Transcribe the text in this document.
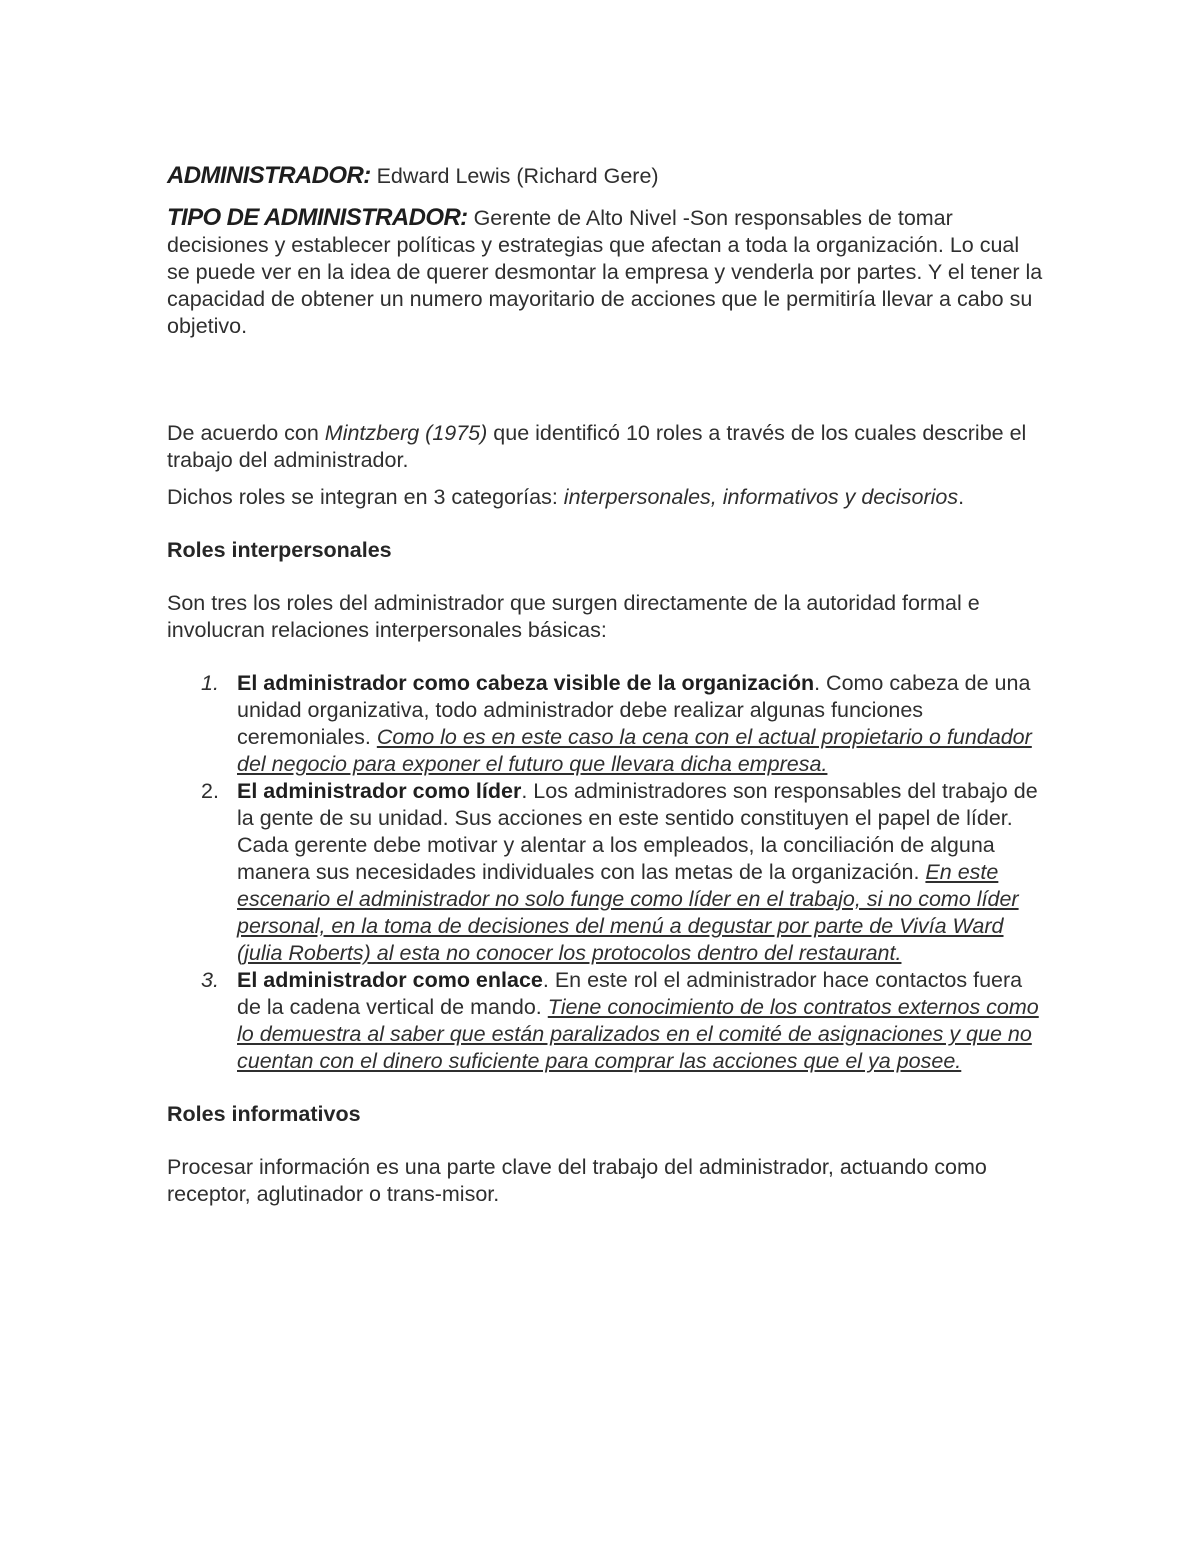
ADMINISTRADOR: Edward Lewis (Richard Gere)

TIPO DE ADMINISTRADOR: Gerente de Alto Nivel -Son responsables de tomar decisiones y establecer políticas y estrategias que afectan a toda la organización. Lo cual se puede ver en la idea de querer desmontar la empresa y venderla por partes. Y el tener la capacidad de obtener un numero mayoritario de acciones que le permitiría llevar a cabo su objetivo.

De acuerdo con Mintzberg (1975) que identificó 10 roles a través de los cuales describe el trabajo del administrador.

Dichos roles se integran en 3 categorías: interpersonales, informativos y decisorios.

Roles interpersonales

Son tres los roles del administrador que surgen directamente de la autoridad formal e involucran relaciones interpersonales básicas:

1. El administrador como cabeza visible de la organización. Como cabeza de una unidad organizativa, todo administrador debe realizar algunas funciones ceremoniales. Como lo es en este caso la cena con el actual propietario o fundador del negocio para exponer el futuro que llevara dicha empresa.
2. El administrador como líder. Los administradores son responsables del trabajo de la gente de su unidad. Sus acciones en este sentido constituyen el papel de líder. Cada gerente debe motivar y alentar a los empleados, la conciliación de alguna manera sus necesidades individuales con las metas de la organización. En este escenario el administrador no solo funge como líder en el trabajo, si no como líder personal, en la toma de decisiones del menú a degustar por parte de Vivía Ward (julia Roberts) al esta no conocer los protocolos dentro del restaurant.
3. El administrador como enlace. En este rol el administrador hace contactos fuera de la cadena vertical de mando. Tiene conocimiento de los contratos externos como lo demuestra al saber que están paralizados en el comité de asignaciones y que no cuentan con el dinero suficiente para comprar las acciones que el ya posee.

Roles informativos

Procesar información es una parte clave del trabajo del administrador, actuando como receptor, aglutinador o trans-misor.
